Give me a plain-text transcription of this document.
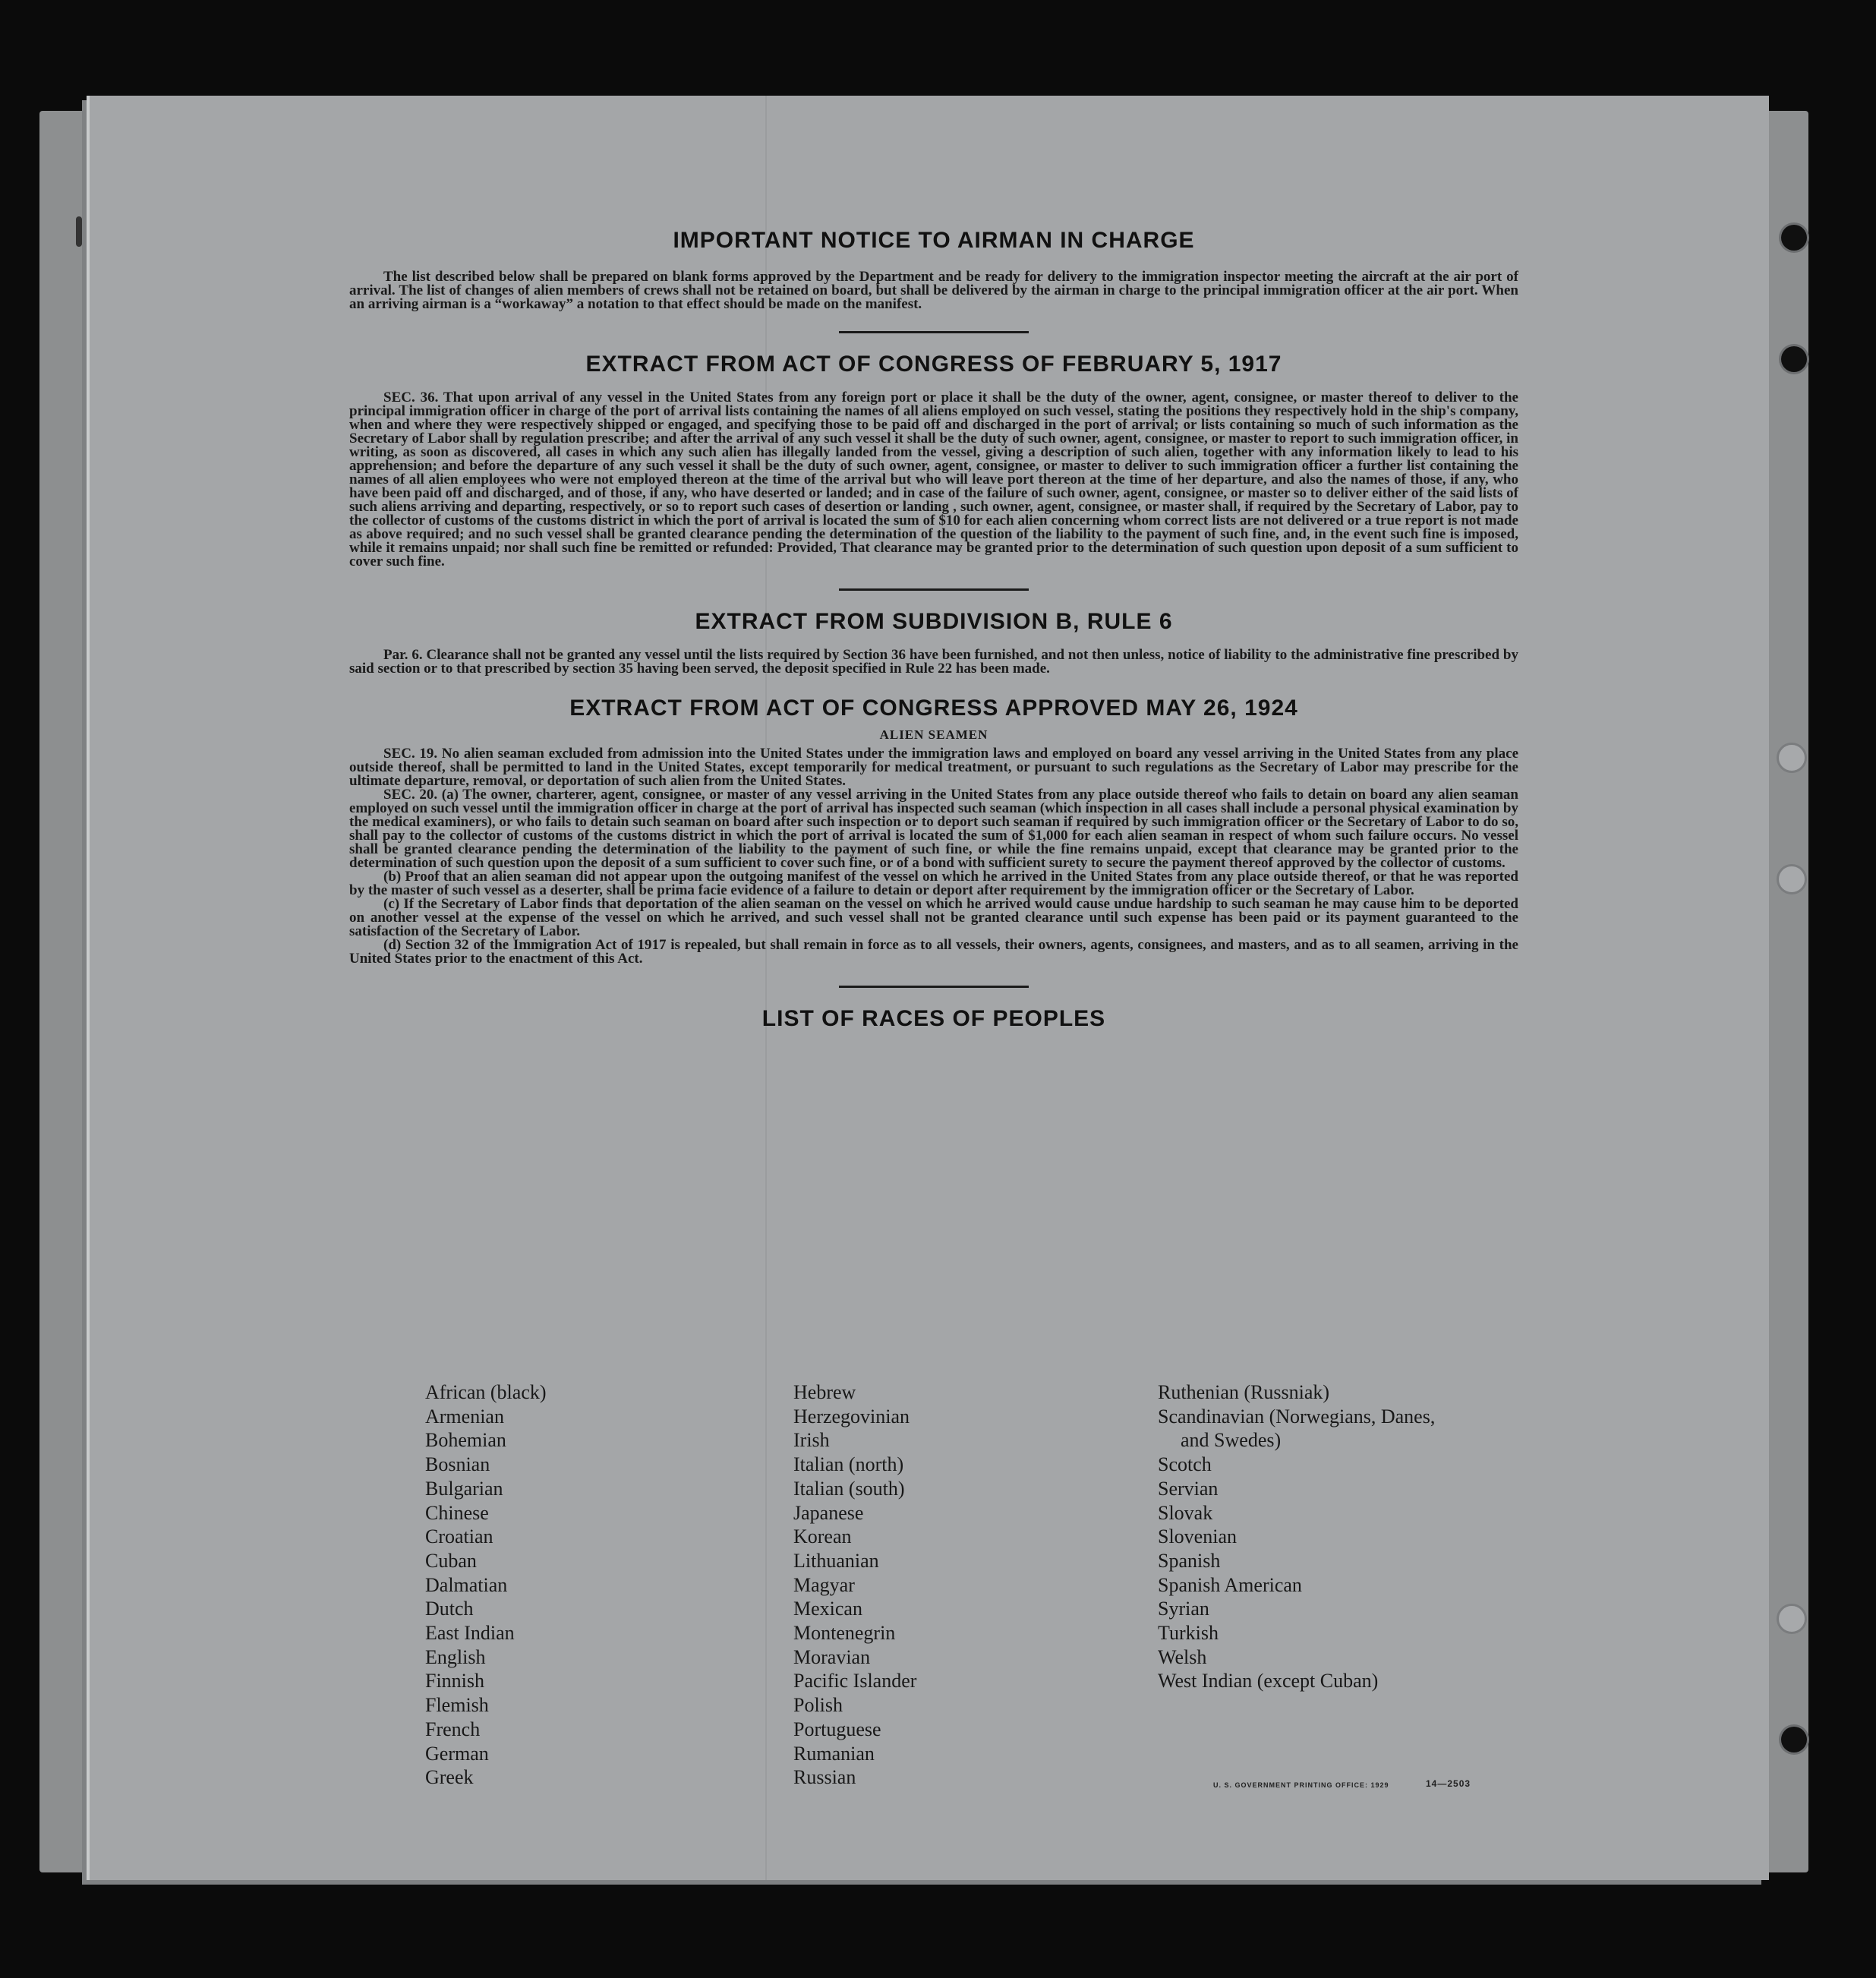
IMPORTANT NOTICE TO AIRMAN IN CHARGE

The list described below shall be prepared on blank forms approved by the Department and be ready for delivery to the immigration inspector meeting the aircraft at the air port of arrival. The list of changes of alien members of crews shall not be retained on board, but shall be delivered by the airman in charge to the principal immigration officer at the air port. When an arriving airman is a “workaway” a notation to that effect should be made on the manifest.

EXTRACT FROM ACT OF CONGRESS OF FEBRUARY 5, 1917

SEC. 36. That upon arrival of any vessel in the United States from any foreign port or place it shall be the duty of the owner, agent, consignee, or master thereof to deliver to the principal immigration officer in charge of the port of arrival lists containing the names of all aliens employed on such vessel, stating the positions they respectively hold in the ship's company, when and where they were respectively shipped or engaged, and specifying those to be paid off and discharged in the port of arrival; or lists containing so much of such information as the Secretary of Labor shall by regulation prescribe; and after the arrival of any such vessel it shall be the duty of such owner, agent, consignee, or master to report to such immigration officer, in writing, as soon as discovered, all cases in which any such alien has illegally landed from the vessel, giving a description of such alien, together with any information likely to lead to his apprehension; and before the departure of any such vessel it shall be the duty of such owner, agent, consignee, or master to deliver to such immigration officer a further list containing the names of all alien employees who were not employed thereon at the time of the arrival but who will leave port thereon at the time of her departure, and also the names of those, if any, who have been paid off and discharged, and of those, if any, who have deserted or landed; and in case of the failure of such owner, agent, consignee, or master so to deliver either of the said lists of such aliens arriving and departing, respectively, or so to report such cases of desertion or landing , such owner, agent, consignee, or master shall, if required by the Secretary of Labor, pay to the collector of customs of the customs district in which the port of arrival is located the sum of $10 for each alien concerning whom correct lists are not delivered or a true report is not made as above required; and no such vessel shall be granted clearance pending the determination of the question of the liability to the payment of such fine, and, in the event such fine is imposed, while it remains unpaid; nor shall such fine be remitted or refunded: Provided, That clearance may be granted prior to the determination of such question upon deposit of a sum sufficient to cover such fine.

EXTRACT FROM SUBDIVISION B, RULE 6

Par. 6. Clearance shall not be granted any vessel until the lists required by Section 36 have been furnished, and not then unless, notice of liability to the administrative fine prescribed by said section or to that prescribed by section 35 having been served, the deposit specified in Rule 22 has been made.

EXTRACT FROM ACT OF CONGRESS APPROVED MAY 26, 1924
ALIEN SEAMEN

SEC. 19. No alien seaman excluded from admission into the United States under the immigration laws and employed on board any vessel arriving in the United States from any place outside thereof, shall be permitted to land in the United States, except temporarily for medical treatment, or pursuant to such regulations as the Secretary of Labor may prescribe for the ultimate departure, removal, or deportation of such alien from the United States.

SEC. 20. (a) The owner, charterer, agent, consignee, or master of any vessel arriving in the United States from any place outside thereof who fails to detain on board any alien seaman employed on such vessel until the immigration officer in charge at the port of arrival has inspected such seaman (which inspection in all cases shall include a personal physical examination by the medical examiners), or who fails to detain such seaman on board after such inspection or to deport such seaman if required by such immigration officer or the Secretary of Labor to do so, shall pay to the collector of customs of the customs district in which the port of arrival is located the sum of $1,000 for each alien seaman in respect of whom such failure occurs. No vessel shall be granted clearance pending the determination of the liability to the payment of such fine, or while the fine remains unpaid, except that clearance may be granted prior to the determination of such question upon the deposit of a sum sufficient to cover such fine, or of a bond with sufficient surety to secure the payment thereof approved by the collector of customs.

(b) Proof that an alien seaman did not appear upon the outgoing manifest of the vessel on which he arrived in the United States from any place outside thereof, or that he was reported by the master of such vessel as a deserter, shall be prima facie evidence of a failure to detain or deport after requirement by the immigration officer or the Secretary of Labor.

(c) If the Secretary of Labor finds that deportation of the alien seaman on the vessel on which he arrived would cause undue hardship to such seaman he may cause him to be deported on another vessel at the expense of the vessel on which he arrived, and such vessel shall not be granted clearance until such expense has been paid or its payment guaranteed to the satisfaction of the Secretary of Labor.

(d) Section 32 of the Immigration Act of 1917 is repealed, but shall remain in force as to all vessels, their owners, agents, consignees, and masters, and as to all seamen, arriving in the United States prior to the enactment of this Act.

LIST OF RACES OF PEOPLES
African (black)
Armenian
Bohemian
Bosnian
Bulgarian
Chinese
Croatian
Cuban
Dalmatian
Dutch
East Indian
English
Finnish
Flemish
French
German
Greek
Hebrew
Herzegovinian
Irish
Italian (north)
Italian (south)
Japanese
Korean
Lithuanian
Magyar
Mexican
Montenegrin
Moravian
Pacific Islander
Polish
Portuguese
Rumanian
Russian
Ruthenian (Russniak)
Scandinavian (Norwegians, Danes,
and Swedes)
Scotch
Servian
Slovak
Slovenian
Spanish
Spanish American
Syrian
Turkish
Welsh
West Indian (except Cuban)
U. S. GOVERNMENT PRINTING OFFICE: 1929	14—2503
